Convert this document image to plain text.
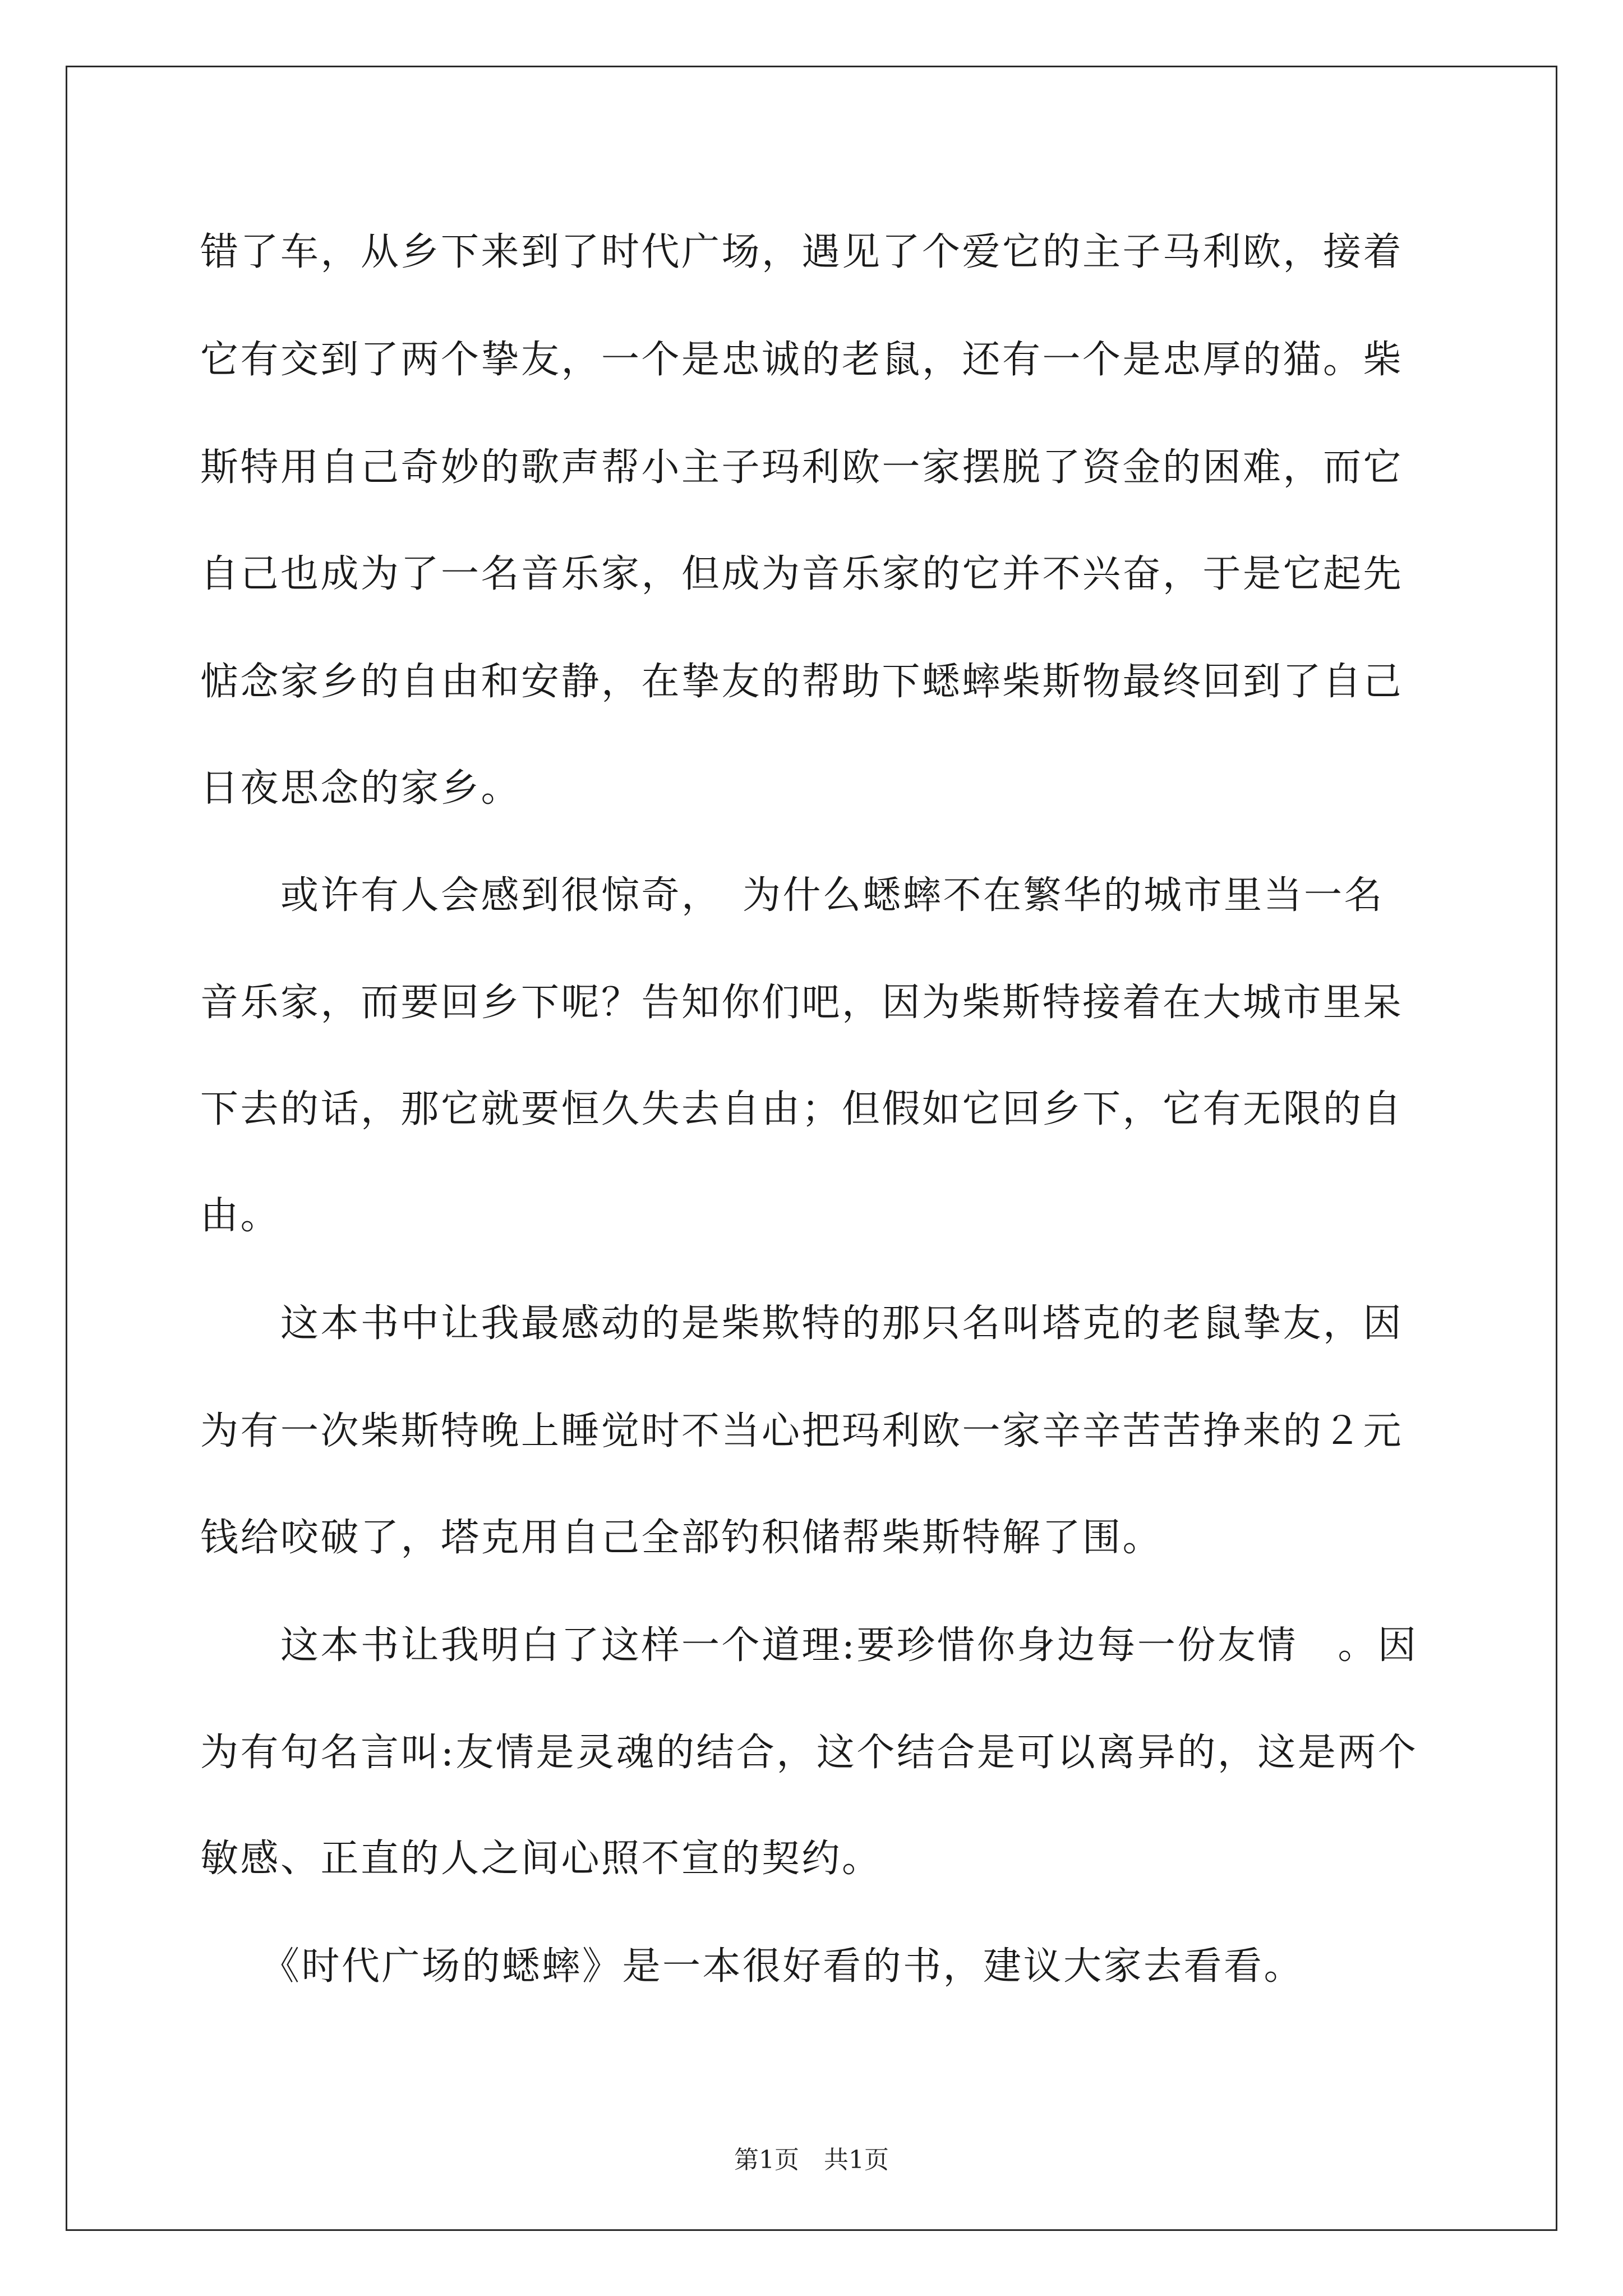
错了车，从乡下来到了时代广场，遇见了个爱它的主子马利欧，接着
它有交到了两个挚友，一个是忠诚的老鼠，还有一个是忠厚的猫。柴
斯特用自己奇妙的歌声帮小主子玛利欧一家摆脱了资金的困难，而它
自己也成为了一名音乐家，但成为音乐家的它并不兴奋，于是它起先
惦念家乡的自由和安静，在挚友的帮助下蟋蟀柴斯物最终回到了自己
日夜思念的家乡。
　　或许有人会感到很惊奇，　为什么蟋蟀不在繁华的城市里当一名
音乐家，而要回乡下呢？告知你们吧，因为柴斯特接着在大城市里呆
下去的话，那它就要恒久失去自由；但假如它回乡下，它有无限的自
由。
　　这本书中让我最感动的是柴欺特的那只名叫塔克的老鼠挚友，因
为有一次柴斯特晚上睡觉时不当心把玛利欧一家辛辛苦苦挣来的２元
钱给咬破了，塔克用自己全部钓积储帮柴斯特解了围。
　　这本书让我明白了这样一个道理:要珍惜你身边每一份友情　。因
为有句名言叫:友情是灵魂的结合，这个结合是可以离异的，这是两个
敏感、正直的人之间心照不宣的契约。
　　《时代广场的蟋蟀》是一本很好看的书，建议大家去看看。
第1页　共1页
